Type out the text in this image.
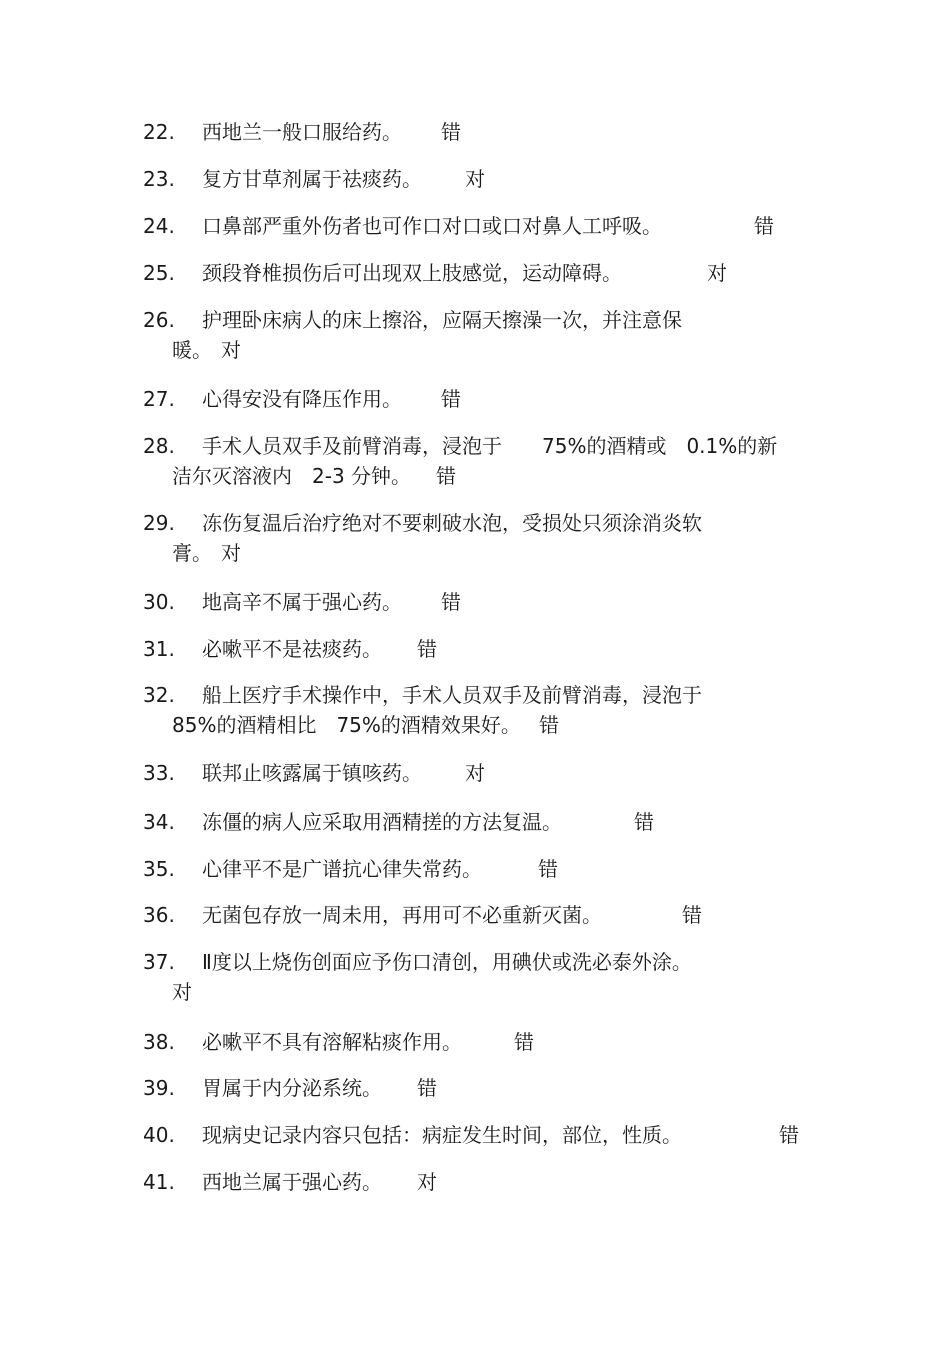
22.	西地兰一般口服给药。 错
23.	复方甘草剂属于祛痰药。 对
24.	口鼻部严重外伤者也可作口对口或口对鼻人工呼吸。	错
25.	颈段脊椎损伤后可出现双上肢感觉，运动障碍。	对
26.	护理卧床病人的床上擦浴，应隔天擦澡一次，并注意保
暖。 对
27.	心得安没有降压作用。 错
28.	手术人员双手及前臂消毒，浸泡于　　75%的酒精或　0.1%的新
洁尔灭溶液内　2-3 分钟。 错
29.	冻伤复温后治疗绝对不要刺破水泡，受损处只须涂消炎软
膏。 对
30.	地高辛不属于强心药。 错
31.	必嗽平不是祛痰药。 错
32.	船上医疗手术操作中，手术人员双手及前臂消毒，浸泡于
85%的酒精相比　75%的酒精效果好。 错
33.	联邦止咳露属于镇咳药。 对
34.	冻僵的病人应采取用酒精搓的方法复温。	错
35.	心律平不是广谱抗心律失常药。	错
36.	无菌包存放一周未用，再用可不必重新灭菌。	错
37.	Ⅱ度以上烧伤创面应予伤口清创，用碘伏或洗必泰外涂。
对
38.	必嗽平不具有溶解粘痰作用。	错
39.	胃属于内分泌系统。 错
40.	现病史记录内容只包括：病症发生时间，部位，性质。	错
41.	西地兰属于强心药。 对
